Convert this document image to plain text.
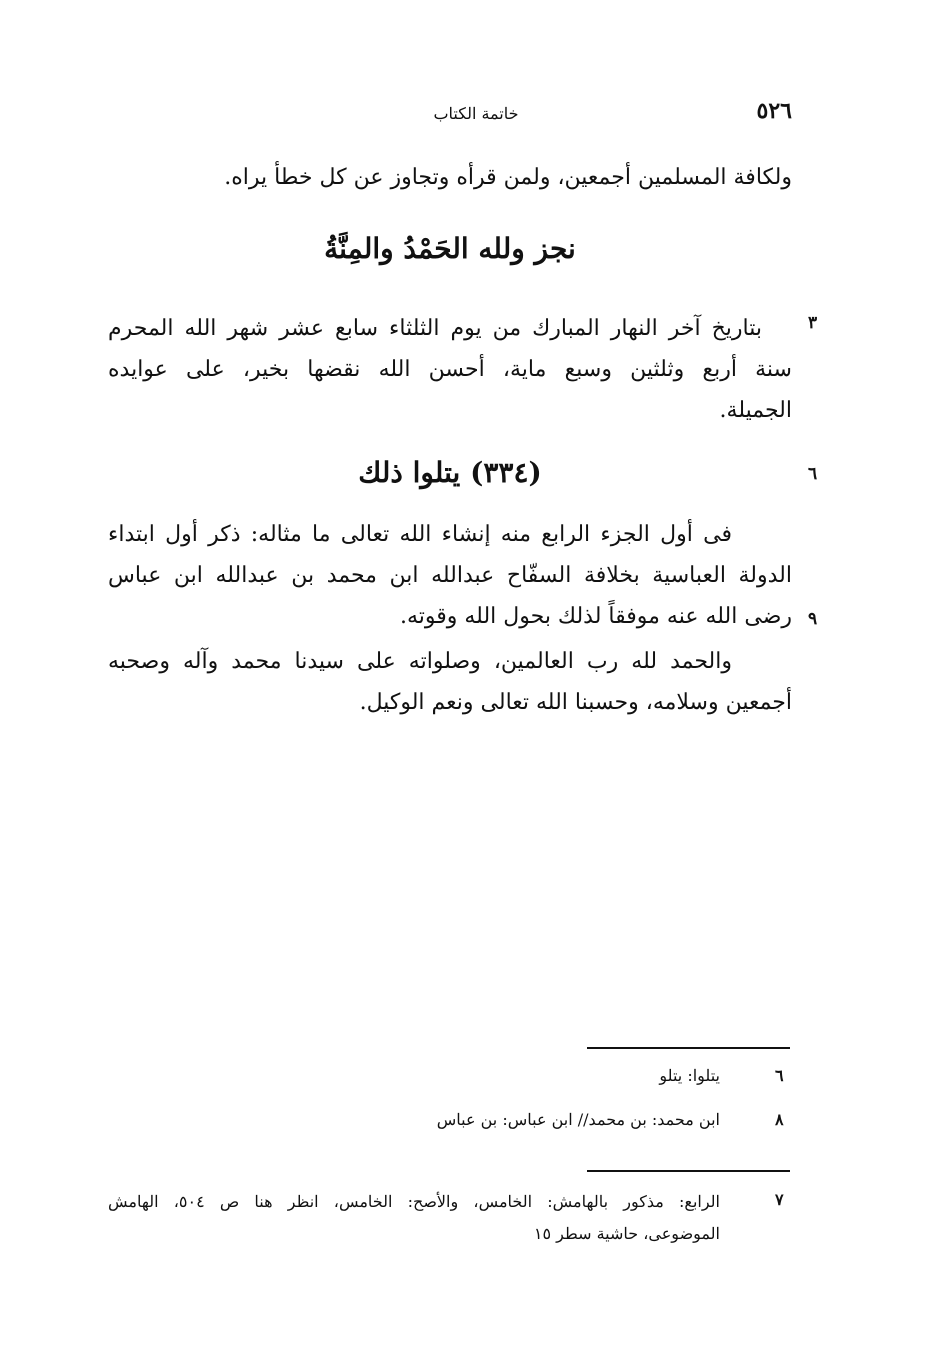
٥٢٦
خاتمة الكتاب
ولكافة المسلمين أجمعين، ولمن قرأه وتجاوز عن كل خطأ يراه.
نجز ولله الحَمْدُ والمِنَّةُ
بتاريخ آخر النهار المبارك من يوم الثلثاء سابع عشر شهر الله المحرم
سنة أربع وثلثين وسبع ماية، أحسن الله نقضها بخير، على عوايده
الجميلة.
٣
(٣٣٤) يتلوا ذلك	٦
فى أول الجزء الرابع منه إنشاء الله تعالى ما مثاله: ذكر أول ابتداء
الدولة العباسية بخلافة السفّاح عبدالله ابن محمد بن عبدالله ابن عباس
رضى الله عنه موفقاً لذلك بحول الله وقوته. ٩
والحمد لله رب العالمين، وصلواته على سيدنا محمد وآله وصحبه
أجمعين وسلامه، وحسبنا الله تعالى ونعم الوكيل.
٦
يتلوا: يتلو
٨
ابن محمد: بن محمد// ابن عباس: بن عباس
٧
الرابع: مذكور بالهامش: الخامس، والأصح: الخامس، انظر هنا ص ٥٠٤، الهامش
الموضوعى، حاشية سطر ١٥
